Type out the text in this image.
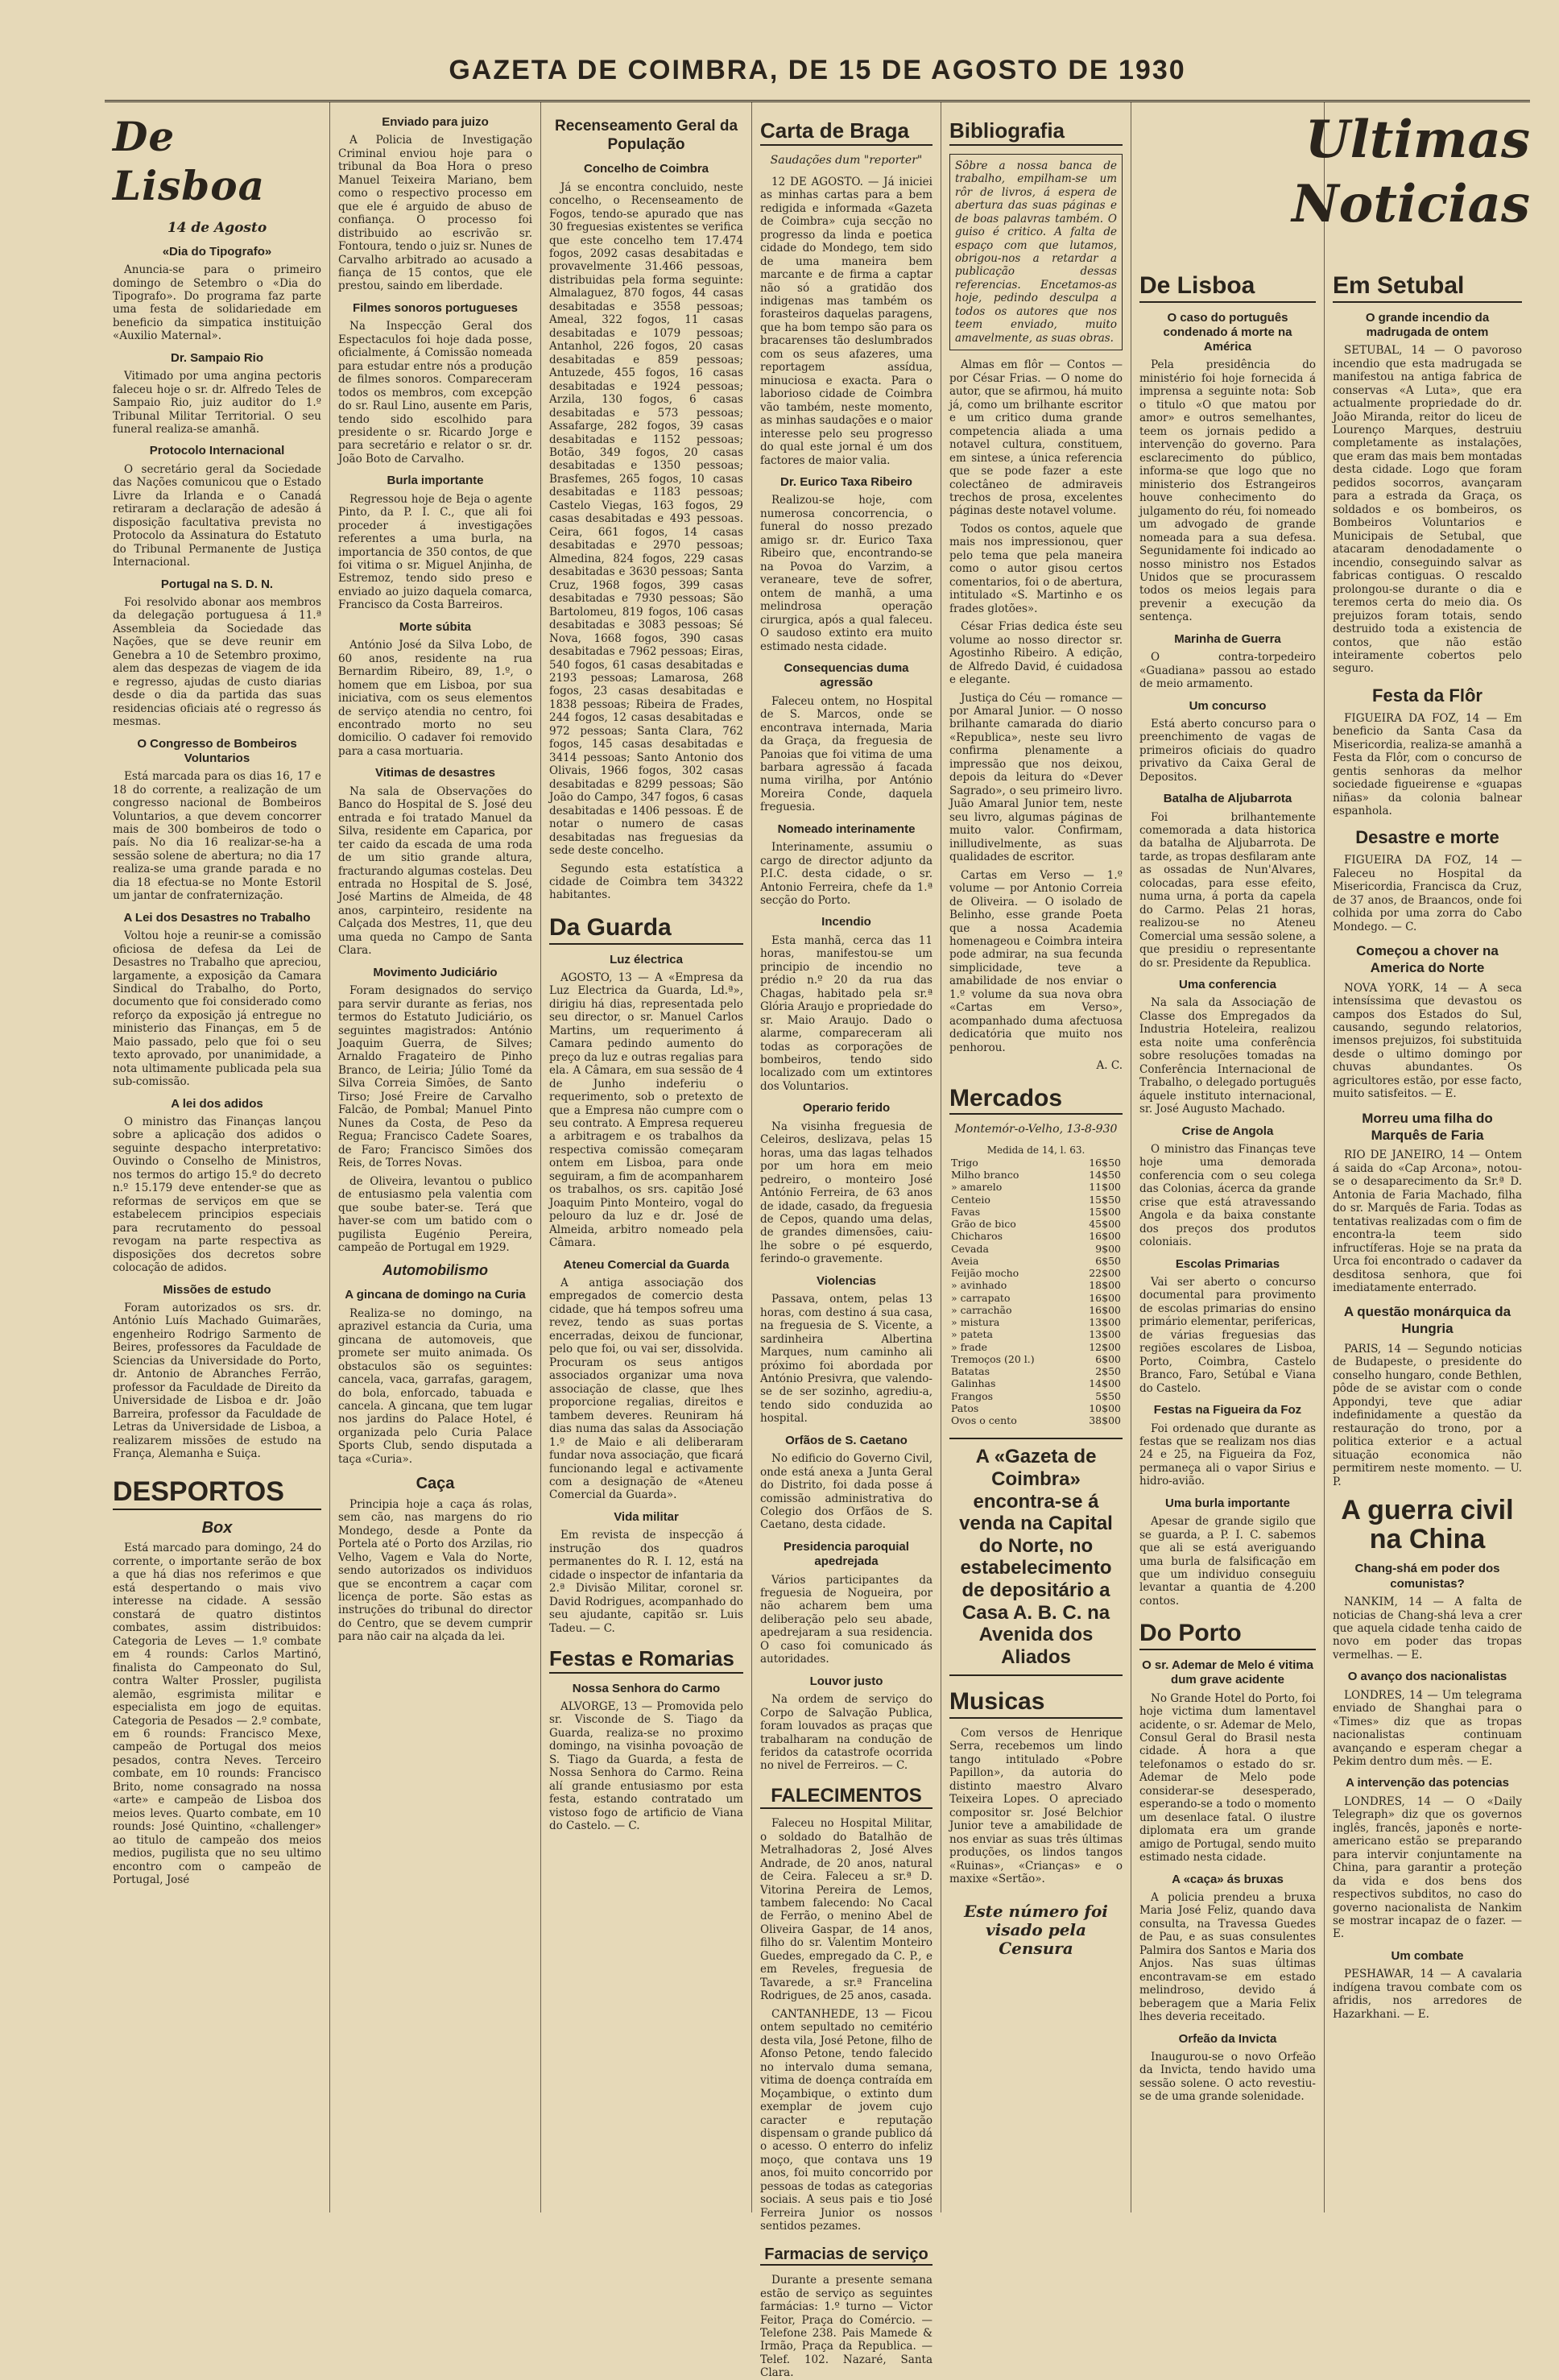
GAZETA DE COIMBRA, DE 15 DE AGOSTO DE 1930
Ultimas
Noticias
De Lisboa
14 de Agosto
«Dia do Tipografo»

Anuncia-se para o primeiro domingo de Setembro o «Dia do Tipografo». Do programa faz parte uma festa de solidariedade em beneficio da simpatica instituição «Auxilio Maternal».

Dr. Sampaio Rio

Vitimado por uma angina pectoris faleceu hoje o sr. dr. Alfredo Teles de Sampaio Rio, juiz auditor do 1.º Tribunal Militar Territorial. O seu funeral realiza-se amanhã.

Protocolo Internacional

O secretário geral da Sociedade das Nações comunicou que o Estado Livre da Irlanda e o Canadá retiraram a declaração de adesão á disposição facultativa prevista no Protocolo da Assinatura do Estatuto do Tribunal Permanente de Justiça Internacional.

Portugal na S. D. N.

Foi resolvido abonar aos membros da delegação portuguesa á 11.ª Assembleia da Sociedade das Nações, que se deve reunir em Genebra a 10 de Setembro proximo, alem das despezas de viagem de ida e regresso, ajudas de custo diarias desde o dia da partida das suas residencias oficiais até o regresso ás mesmas.

O Congresso de Bombeiros Voluntarios

Está marcada para os dias 16, 17 e 18 do corrente, a realização de um congresso nacional de Bombeiros Voluntarios, a que devem concorrer mais de 300 bombeiros de todo o país. No dia 16 realizar-se-ha a sessão solene de abertura; no dia 17 realiza-se uma grande parada e no dia 18 efectua-se no Monte Estoril um jantar de confraternização.

A Lei dos Desastres no Trabalho

Voltou hoje a reunir-se a comissão oficiosa de defesa da Lei de Desastres no Trabalho que apreciou, largamente, a exposição da Camara Sindical do Trabalho, do Porto, documento que foi considerado como reforço da exposição já entregue no ministerio das Finanças, em 5 de Maio passado, pelo que foi o seu texto aprovado, por unanimidade, a nota ultimamente publicada pela sua sub-comissão.

A lei dos adidos

O ministro das Finanças lançou sobre a aplicação dos adidos o seguinte despacho interpretativo: Ouvindo o Conselho de Ministros, nos termos do artigo 15.º do decreto n.º 15.179 deve entender-se que as reformas de serviços em que se estabelecem principios especiais para recrutamento do pessoal revogam na parte respectiva as disposições dos decretos sobre colocação de adidos.

Missões de estudo

Foram autorizados os srs. dr. António Luís Machado Guimarães, engenheiro Rodrigo Sarmento de Beires, professores da Faculdade de Sciencias da Universidade do Porto, dr. Antonio de Abranches Ferrão, professor da Faculdade de Direito da Universidade de Lisboa e dr. João Barreira, professor da Faculdade de Letras da Universidade de Lisboa, a realizarem missões de estudo na França, Alemanha e Suiça.

DESPORTOS
Box

Está marcado para domingo, 24 do corrente, o importante serão de box a que há dias nos referimos e que está despertando o mais vivo interesse na cidade. A sessão constará de quatro distintos combates, assim distribuidos: Categoria de Leves — 1.º combate em 4 rounds: Carlos Martinó, finalista do Campeonato do Sul, contra Walter Prossler, pugilista alemão, esgrimista militar e especialista em jogo de equitas. Categoria de Pesados — 2.º combate, em 6 rounds: Francisco Mexe, campeão de Portugal dos meios pesados, contra Neves. Terceiro combate, em 10 rounds: Francisco Brito, nome consagrado na nossa «arte» e campeão de Lisboa dos meios leves. Quarto combate, em 10 rounds: José Quintino, «challenger» ao titulo de campeão dos meios medios, pugilista que no seu ultimo encontro com o campeão de Portugal, José

Enviado para juizo

A Policia de Investigação Criminal enviou hoje para o tribunal da Boa Hora o preso Manuel Teixeira Mariano, bem como o respectivo processo em que ele é arguido de abuso de confiança. O processo foi distribuido ao escrivão sr. Fontoura, tendo o juiz sr. Nunes de Carvalho arbitrado ao acusado a fiança de 15 contos, que ele prestou, saindo em liberdade.

Filmes sonoros portugueses

Na Inspecção Geral dos Espectaculos foi hoje dada posse, oficialmente, á Comissão nomeada para estudar entre nós a produção de filmes sonoros. Compareceram todos os membros, com excepção do sr. Raul Lino, ausente em Paris, tendo sido escolhido para presidente o sr. Ricardo Jorge e para secretário e relator o sr. dr. João Boto de Carvalho.

Burla importante

Regressou hoje de Beja o agente Pinto, da P. I. C., que ali foi proceder á investigações referentes a uma burla, na importancia de 350 contos, de que foi vitima o sr. Miguel Anjinha, de Estremoz, tendo sido preso e enviado ao juizo daquela comarca, Francisco da Costa Barreiros.

Morte súbita

António José da Silva Lobo, de 60 anos, residente na rua Bernardim Ribeiro, 89, 1.º, o homem que em Lisboa, por sua iniciativa, com os seus elementos de serviço atendia no centro, foi encontrado morto no seu domicilio. O cadaver foi removido para a casa mortuaria.

Vitimas de desastres

Na sala de Observações do Banco do Hospital de S. José deu entrada e foi tratado Manuel da Silva, residente em Caparica, por ter caido da escada de uma roda de um sitio grande altura, fracturando algumas costelas. Deu entrada no Hospital de S. José, José Martins de Almeida, de 48 anos, carpinteiro, residente na Calçada dos Mestres, 11, que deu uma queda no Campo de Santa Clara.

Movimento Judiciário

Foram designados do serviço para servir durante as ferias, nos termos do Estatuto Judiciário, os seguintes magistrados: António Joaquim Guerra, de Silves; Arnaldo Fragateiro de Pinho Branco, de Leiria; Júlio Tomé da Silva Correia Simões, de Santo Tirso; José Freire de Carvalho Falcão, de Pombal; Manuel Pinto Nunes da Costa, de Peso da Regua; Francisco Cadete Soares, de Faro; Francisco Simões dos Reis, de Torres Novas.

de Oliveira, levantou o publico de entusiasmo pela valentia com que soube bater-se. Terá que haver-se com um batido com o pugilista Eugénio Pereira, campeão de Portugal em 1929.

Automobilismo
A gincana de domingo na Curia

Realiza-se no domingo, na aprazivel estancia da Curia, uma gincana de automoveis, que promete ser muito animada. Os obstaculos são os seguintes: cancela, vaca, garrafas, garagem, do bola, enforcado, tabuada e cancela. A gincana, que tem lugar nos jardins do Palace Hotel, é organizada pelo Curia Palace Sports Club, sendo disputada a taça «Curia».

Caça

Principia hoje a caça ás rolas, sem cão, nas margens do rio Mondego, desde a Ponte da Portela até o Porto dos Arzilas, rio Velho, Vagem e Vala do Norte, sendo autorizados os individuos que se encontrem a caçar com licença de porte. São estas as instruções do tribunal do director do Centro, que se devem cumprir para não cair na alçada da lei.

Recenseamento Geral da População
Concelho de Coimbra

Já se encontra concluido, neste concelho, o Recenseamento de Fogos, tendo-se apurado que nas 30 freguesias existentes se verifica que este concelho tem 17.474 fogos, 2092 casas desabitadas e provavelmente 31.466 pessoas, distribuidas pela forma seguinte: Almalaguez, 870 fogos, 44 casas desabitadas e 3558 pessoas; Ameal, 322 fogos, 11 casas desabitadas e 1079 pessoas; Antanhol, 226 fogos, 20 casas desabitadas e 859 pessoas; Antuzede, 455 fogos, 16 casas desabitadas e 1924 pessoas; Arzila, 130 fogos, 6 casas desabitadas e 573 pessoas; Assafarge, 282 fogos, 39 casas desabitadas e 1152 pessoas; Botão, 349 fogos, 20 casas desabitadas e 1350 pessoas; Brasfemes, 265 fogos, 10 casas desabitadas e 1183 pessoas; Castelo Viegas, 163 fogos, 29 casas desabitadas e 493 pessoas. Ceira, 661 fogos, 14 casas desabitadas e 2970 pessoas; Almedina, 824 fogos, 229 casas desabitadas e 3630 pessoas; Santa Cruz, 1968 fogos, 399 casas desabitadas e 7930 pessoas; São Bartolomeu, 819 fogos, 106 casas desabitadas e 3083 pessoas; Sé Nova, 1668 fogos, 390 casas desabitadas e 7962 pessoas; Eiras, 540 fogos, 61 casas desabitadas e 2193 pessoas; Lamarosa, 268 fogos, 23 casas desabitadas e 1838 pessoas; Ribeira de Frades, 244 fogos, 12 casas desabitadas e 972 pessoas; Santa Clara, 762 fogos, 145 casas desabitadas e 3414 pessoas; Santo Antonio dos Olivais, 1966 fogos, 302 casas desabitadas e 8299 pessoas; São João do Campo, 347 fogos, 6 casas desabitadas e 1406 pessoas. É de notar o numero de casas desabitadas nas freguesias da sede deste concelho.

Segundo esta estatística a cidade de Coimbra tem 34322 habitantes.

Da Guarda
Luz électrica

AGOSTO, 13 — A «Empresa da Luz Electrica da Guarda, Ld.ª», dirigiu há dias, representada pelo seu director, o sr. Manuel Carlos Martins, um requerimento á Camara pedindo aumento do preço da luz e outras regalias para ela. A Câmara, em sua sessão de 4 de Junho indeferiu o requerimento, sob o pretexto de que a Empresa não cumpre com o seu contrato. A Empresa requereu a arbitragem e os trabalhos da respectiva comissão começaram ontem em Lisboa, para onde seguiram, a fim de acompanharem os trabalhos, os srs. capitão José Joaquim Pinto Monteiro, vogal do pelouro da luz e dr. José de Almeida, arbitro nomeado pela Câmara.

Ateneu Comercial da Guarda

A antiga associação dos empregados de comercio desta cidade, que há tempos sofreu uma revez, tendo as suas portas encerradas, deixou de funcionar, pelo que foi, ou vai ser, dissolvida. Procuram os seus antigos associados organizar uma nova associação de classe, que lhes proporcione regalias, direitos e tambem deveres. Reuniram há dias numa das salas da Associação 1.º de Maio e ali deliberaram fundar nova associação, que ficará funcionando legal e activamente com a designação de «Ateneu Comercial da Guarda».

Vida militar

Em revista de inspecção á instrução dos quadros permanentes do R. I. 12, está na cidade o inspector de infantaria da 2.ª Divisão Militar, coronel sr. David Rodrigues, acompanhado do seu ajudante, capitão sr. Luis Tadeu. — C.

Festas e Romarias
Nossa Senhora do Carmo

ALVORGE, 13 — Promovida pelo sr. Visconde de S. Tiago da Guarda, realiza-se no proximo domingo, na visinha povoação de S. Tiago da Guarda, a festa de Nossa Senhora do Carmo. Reina alí grande entusiasmo por esta festa, estando contratado um vistoso fogo de artificio de Viana do Castelo. — C.

Carta de Braga
Saudações dum "reporter"

12 DE AGOSTO. — Já iniciei as minhas cartas para a bem redigida e informada «Gazeta de Coimbra» cuja secção no progresso da linda e poetica cidade do Mondego, tem sido de uma maneira bem marcante e de firma a captar não só a gratidão dos indigenas mas também os forasteiros daquelas paragens, que ha bom tempo são para os bracarenses tão deslumbrados com os seus afazeres, uma reportagem assídua, minuciosa e exacta. Para o laborioso cidade de Coimbra vão também, neste momento, as minhas saudações e o maior interesse pelo seu progresso do qual este jornal é um dos factores de maior valia.

Dr. Eurico Taxa Ribeiro

Realizou-se hoje, com numerosa concorrencia, o funeral do nosso prezado amigo sr. dr. Eurico Taxa Ribeiro que, encontrando-se na Povoa do Varzim, a veraneare, teve de sofrer, ontem de manhã, a uma melindrosa operação cirurgica, após a qual faleceu. O saudoso extinto era muito estimado nesta cidade.

Consequencias duma agressão

Faleceu ontem, no Hospital de S. Marcos, onde se encontrava internada, Maria da Graça, da freguesia de Panoias que foi vitima de uma barbara agressão á facada numa virilha, por António Moreira Conde, daquela freguesia.

Nomeado interinamente

Interinamente, assumiu o cargo de director adjunto da P.I.C. desta cidade, o sr. Antonio Ferreira, chefe da 1.ª secção do Porto.

Incendio

Esta manhã, cerca das 11 horas, manifestou-se um principio de incendio no prédio n.º 20 da rua das Chagas, habitado pela sr.ª Glória Araujo e propriedade do sr. Maio Araujo. Dado o alarme, compareceram ali todas as corporações de bombeiros, tendo sido localizado com um extintores dos Voluntarios.

Operario ferido

Na visinha freguesia de Celeiros, deslizava, pelas 15 horas, uma das lagas telhados por um hora em meio pedreiro, o monteiro José António Ferreira, de 63 anos de idade, casado, da freguesia de Cepos, quando uma delas, de grandes dimensões, caiu-lhe sobre o pé esquerdo, ferindo-o gravemente.

Violencias

Passava, ontem, pelas 13 horas, com destino á sua casa, na freguesia de S. Vicente, a sardinheira Albertina Marques, num caminho ali próximo foi abordada por António Presivra, que valendo-se de ser sozinho, agrediu-a, tendo sido conduzida ao hospital.

Orfãos de S. Caetano

No edificio do Governo Civil, onde está anexa a Junta Geral do Distrito, foi dada posse á comissão administrativa do Colegio dos Orfãos de S. Caetano, desta cidade.

Presidencia paroquial apedrejada

Vários participantes da freguesia de Nogueira, por não acharem bem uma deliberação pelo seu abade, apedrejaram a sua residencia. O caso foi comunicado ás autoridades.

Louvor justo

Na ordem de serviço do Corpo de Salvação Publica, foram louvados as praças que trabalharam na condução de feridos da catastrofe ocorrida no nivel de Ferreiros. — C.

FALECIMENTOS

Faleceu no Hospital Militar, o soldado do Batalhão de Metralhadoras 2, José Alves Andrade, de 20 anos, natural de Ceira. Faleceu a sr.ª D. Vitorina Pereira de Lemos, tambem falecendo: No Cacal de Ferrão, o menino Abel de Oliveira Gaspar, de 14 anos, filho do sr. Valentim Monteiro Guedes, empregado da C. P., e em Reveles, freguesia de Tavarede, a sr.ª Francelina Rodrigues, de 25 anos, casada.

CANTANHEDE, 13 — Ficou ontem sepultado no cemitério desta vila, José Petone, filho de Afonso Petone, tendo falecido no intervalo duma semana, vitima de doença contraída em Moçambique, o extinto dum exemplar de jovem cujo caracter e reputação dispensam o grande publico dá o acesso. O enterro do infeliz moço, que contava uns 19 anos, foi muito concorrido por pessoas de todas as categorias sociais. A seus pais e tio José Ferreira Junior os nossos sentidos pezames.

Farmacias de serviço

Durante a presente semana estão de serviço as seguintes farmácias: 1.º turno — Victor Feitor, Praça do Comércio. — Telefone 238. Pais Mamede & Irmão, Praça da Republica. — Telef. 102. Nazaré, Santa Clara.

Bibliografia
Sôbre a nossa banca de trabalho, empilham-se um rôr de livros, á espera de abertura das suas páginas e de boas palavras também. O guiso é critico. A falta de espaço com que lutamos, obrigou-nos a retardar a publicação dessas referencias. Encetamos-as hoje, pedindo desculpa a todos os autores que nos teem enviado, muito amavelmente, as suas obras.

Almas em flôr — Contos — por César Frias. — O nome do autor, que se afirmou, há muito já, como um brilhante escritor e um critico duma grande competencia aliada a uma notavel cultura, constituem, em sintese, a única referencia que se pode fazer a este colectâneo de admiraveis trechos de prosa, excelentes páginas deste notavel volume.

Todos os contos, aquele que mais nos impressionou, quer pelo tema que pela maneira como o autor gisou certos comentarios, foi o de abertura, intitulado «S. Martinho e os frades glotões».

César Frias dedica éste seu volume ao nosso director sr. Agostinho Ribeiro. A edição, de Alfredo David, é cuidadosa e elegante.

Justiça do Céu — romance — por Amaral Junior. — O nosso brilhante camarada do diario «Republica», neste seu livro confirma plenamente a impressão que nos deixou, depois da leitura do «Dever Sagrado», o seu primeiro livro. Juão Amaral Junior tem, neste seu livro, algumas páginas de muito valor. Confirmam, inilludivelmente, as suas qualidades de escritor.

Cartas em Verso — 1.º volume — por Antonio Correia de Oliveira. — O isolado de Belinho, esse grande Poeta que a nossa Academia homenageou e Coimbra inteira pode admirar, na sua fecunda simplicidade, teve a amabilidade de nos enviar o 1.º volume da sua nova obra «Cartas em Verso», acompanhado duma afectuosa dedicatória que muito nos penhorou.

A. C.
Mercados
Montemór-o-Velho, 13-8-930
Medida de 14, l. 63.
Trigo	16$50
Milho branco	14$50
» amarelo	11$00
Centeio	15$50
Favas	15$00
Grão de bico	45$00
Chicharos	16$00
Cevada	9$00
Aveia	6$50
Feijão mocho	22$00
» avinhado	18$00
» carrapato	16$00
» carrachão	16$00
» mistura	13$00
» pateta	13$00
» frade	12$00
Tremoços (20 l.)	6$00
Batatas	2$50
Galinhas	14$00
Frangos	5$50
Patos	10$00
Ovos o cento	38$00
A «Gazeta de Coimbra» encontra-se á venda na Capital do Norte, no estabelecimento de depositário a Casa A. B. C. na Avenida dos Aliados
Musicas

Com versos de Henrique Serra, recebemos um lindo tango intitulado «Pobre Papillon», da autoria do distinto maestro Alvaro Teixeira Lopes. O apreciado compositor sr. José Belchior Junior teve a amabilidade de nos enviar as suas três últimas produções, os lindos tangos «Ruinas», «Crianças» e o maxixe «Sertão».

Este número foi visado pela Censura
De Lisboa
O caso do português condenado á morte na América

Pela presidência do ministério foi hoje fornecida á imprensa a seguinte nota: Sob o titulo «O que matou por amor» e outros semelhantes, teem os jornais pedido a intervenção do governo. Para esclarecimento do público, informa-se que logo que no ministerio dos Estrangeiros houve conhecimento do julgamento do réu, foi nomeado um advogado de grande nomeada para a sua defesa. Segunidamente foi indicado ao nosso ministro nos Estados Unidos que se procurassem todos os meios legais para prevenir a execução da sentença.

Marinha de Guerra

O contra-torpedeiro «Guadiana» passou ao estado de meio armamento.

Um concurso

Está aberto concurso para o preenchimento de vagas de primeiros oficiais do quadro privativo da Caixa Geral de Depositos.

Batalha de Aljubarrota

Foi brilhantemente comemorada a data historica da batalha de Aljubarrota. De tarde, as tropas desfilaram ante as ossadas de Nun'Alvares, colocadas, para esse efeito, numa urna, á porta da capela do Carmo. Pelas 21 horas, realizou-se no Ateneu Comercial uma sessão solene, a que presidiu o representante do sr. Presidente da Republica.

Uma conferencia

Na sala da Associação de Classe dos Empregados da Industria Hoteleira, realizou esta noite uma conferência sobre resoluções tomadas na Conferência Internacional de Trabalho, o delegado português áquele instituto internacional, sr. José Augusto Machado.

Crise de Angola

O ministro das Finanças teve hoje uma demorada conferencia com o seu colega das Colonias, ácerca da grande crise que está atravessando Angola e da baixa constante dos preços dos produtos coloniais.

Escolas Primarias

Vai ser aberto o concurso documental para provimento de escolas primarias do ensino primário elementar, perifericas, de várias freguesias das regiões escolares de Lisboa, Porto, Coimbra, Castelo Branco, Faro, Setúbal e Viana do Castelo.

Festas na Figueira da Foz

Foi ordenado que durante as festas que se realizam nos dias 24 e 25, na Figueira da Foz, permaneça ali o vapor Sirius e hidro-avião.

Uma burla importante

Apesar de grande sigilo que se guarda, a P. I. C. sabemos que ali se está averiguando uma burla de falsificação em que um individuo conseguiu levantar a quantia de 4.200 contos.

Do Porto
O sr. Ademar de Melo é vitima dum grave acidente

No Grande Hotel do Porto, foi hoje victima dum lamentavel acidente, o sr. Ademar de Melo, Consul Geral do Brasil nesta cidade. Á hora a que telefonamos o estado do sr. Ademar de Melo pode considerar-se desesperado, esperando-se a todo o momento um desenlace fatal. O ilustre diplomata era um grande amigo de Portugal, sendo muito estimado nesta cidade.

A «caça» ás bruxas

A policia prendeu a bruxa Maria José Feliz, quando dava consulta, na Travessa Guedes de Pau, e as suas consulentes Palmira dos Santos e Maria dos Anjos. Nas suas últimas encontravam-se em estado melindroso, devido á beberagem que a Maria Felix lhes deveria receitado.

Orfeão da Invicta

Inaugurou-se o novo Orfeão da Invicta, tendo havido uma sessão solene. O acto revestiu-se de uma grande solenidade.

Em Setubal
O grande incendio da madrugada de ontem

SETUBAL, 14 — O pavoroso incendio que esta madrugada se manifestou na antiga fabrica de conservas «A Luta», que era actualmente propriedade do dr. João Miranda, reitor do liceu de Lourenço Marques, destruiu completamente as instalações, que eram das mais bem montadas desta cidade. Logo que foram pedidos socorros, avançaram para a estrada da Graça, os soldados e os bombeiros, os Bombeiros Voluntarios e Municipais de Setubal, que atacaram denodadamente o incendio, conseguindo salvar as fabricas contiguas. O rescaldo prolongou-se durante o dia e teremos certa do meio dia. Os prejuizos foram totais, sendo destruido toda a existencia de contos, que não estão inteiramente cobertos pelo seguro.

Festa da Flôr

FIGUEIRA DA FOZ, 14 — Em beneficio da Santa Casa da Misericordia, realiza-se amanhã a Festa da Flôr, com o concurso de gentis senhoras da melhor sociedade figueirense e «guapas niñas» da colonia balnear espanhola.

Desastre e morte

FIGUEIRA DA FOZ, 14 — Faleceu no Hospital da Misericordia, Francisca da Cruz, de 37 anos, de Braancos, onde foi colhida por uma zorra do Cabo Mondego. — C.

Começou a chover na America do Norte

NOVA YORK, 14 — A seca intensíssima que devastou os campos dos Estados do Sul, causando, segundo relatorios, imensos prejuizos, foi substituida desde o ultimo domingo por chuvas abundantes. Os agricultores estão, por esse facto, muito satisfeitos. — E.

Morreu uma filha do Marquês de Faria

RIO DE JANEIRO, 14 — Ontem á saida do «Cap Arcona», notou-se o desaparecimento da Sr.ª D. Antonia de Faria Machado, filha do sr. Marquês de Faria. Todas as tentativas realizadas com o fim de encontra-la teem sido infructíferas. Hoje se na prata da Urca foi encontrado o cadaver da desditosa senhora, que foi imediatamente enterrado.

A questão monárquica da Hungria

PARIS, 14 — Segundo noticias de Budapeste, o presidente do conselho hungaro, conde Bethlen, pôde de se avistar com o conde Appondyi, teve que adiar indefinidamente a questão da restauração do trono, por a politica exterior e a actual situação economica não permitirem neste momento. — U. P.

A guerra civil na China
Chang-shá em poder dos comunistas?

NANKIM, 14 — A falta de noticias de Chang-shá leva a crer que aquela cidade tenha caido de novo em poder das tropas vermelhas. — E.

O avanço dos nacionalistas

LONDRES, 14 — Um telegrama enviado de Shanghai para o «Times» diz que as tropas nacionalistas continuam avançando e esperam chegar a Pekim dentro dum mês. — E.

A intervenção das potencias

LONDRES, 14 — O «Daily Telegraph» diz que os governos inglês, francês, japonês e norte-americano estão se preparando para intervir conjuntamente na China, para garantir a proteção da vida e dos bens dos respectivos subditos, no caso do governo nacionalista de Nankim se mostrar incapaz de o fazer. — E.

Um combate

PESHAWAR, 14 — A cavalaria indígena travou combate com os afridis, nos arredores de Hazarkhani. — E.
